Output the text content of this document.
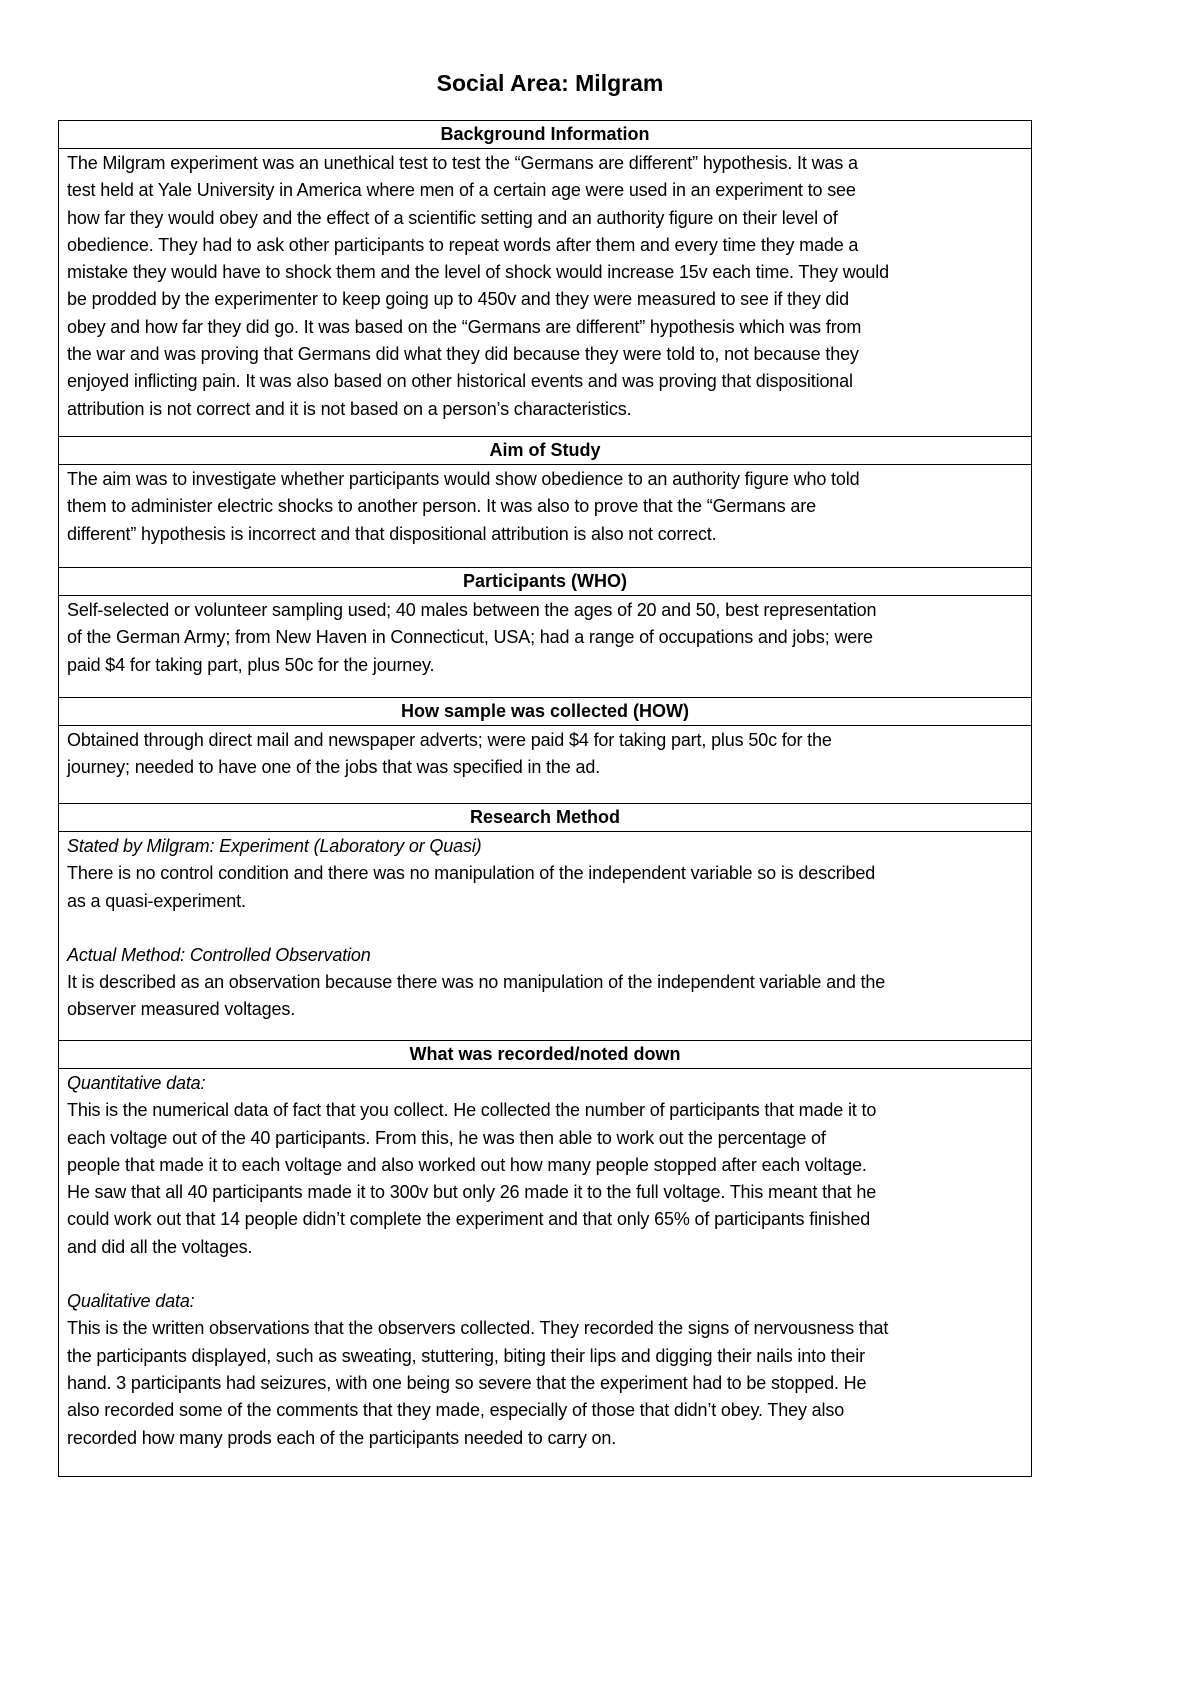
Social Area: Milgram
Background Information
The Milgram experiment was an unethical test to test the “Germans are different” hypothesis. It was a
test held at Yale University in America where men of a certain age were used in an experiment to see
how far they would obey and the effect of a scientific setting and an authority figure on their level of
obedience. They had to ask other participants to repeat words after them and every time they made a
mistake they would have to shock them and the level of shock would increase 15v each time. They would
be prodded by the experimenter to keep going up to 450v and they were measured to see if they did
obey and how far they did go. It was based on the “Germans are different” hypothesis which was from
the war and was proving that Germans did what they did because they were told to, not because they
enjoyed inflicting pain. It was also based on other historical events and was proving that dispositional
attribution is not correct and it is not based on a person’s characteristics.
Aim of Study
The aim was to investigate whether participants would show obedience to an authority figure who told
them to administer electric shocks to another person. It was also to prove that the “Germans are
different” hypothesis is incorrect and that dispositional attribution is also not correct.
Participants (WHO)
Self-selected or volunteer sampling used; 40 males between the ages of 20 and 50, best representation
of the German Army; from New Haven in Connecticut, USA; had a range of occupations and jobs; were
paid $4 for taking part, plus 50c for the journey.
How sample was collected (HOW)
Obtained through direct mail and newspaper adverts; were paid $4 for taking part, plus 50c for the
journey; needed to have one of the jobs that was specified in the ad.
Research Method
Stated by Milgram: Experiment (Laboratory or Quasi)
There is no control condition and there was no manipulation of the independent variable so is described
as a quasi-experiment.
Actual Method: Controlled Observation
It is described as an observation because there was no manipulation of the independent variable and the
observer measured voltages.
What was recorded/noted down
Quantitative data:
This is the numerical data of fact that you collect. He collected the number of participants that made it to
each voltage out of the 40 participants. From this, he was then able to work out the percentage of
people that made it to each voltage and also worked out how many people stopped after each voltage.
He saw that all 40 participants made it to 300v but only 26 made it to the full voltage. This meant that he
could work out that 14 people didn’t complete the experiment and that only 65% of participants finished
and did all the voltages.
Qualitative data:
This is the written observations that the observers collected. They recorded the signs of nervousness that
the participants displayed, such as sweating, stuttering, biting their lips and digging their nails into their
hand. 3 participants had seizures, with one being so severe that the experiment had to be stopped. He
also recorded some of the comments that they made, especially of those that didn’t obey. They also
recorded how many prods each of the participants needed to carry on.
